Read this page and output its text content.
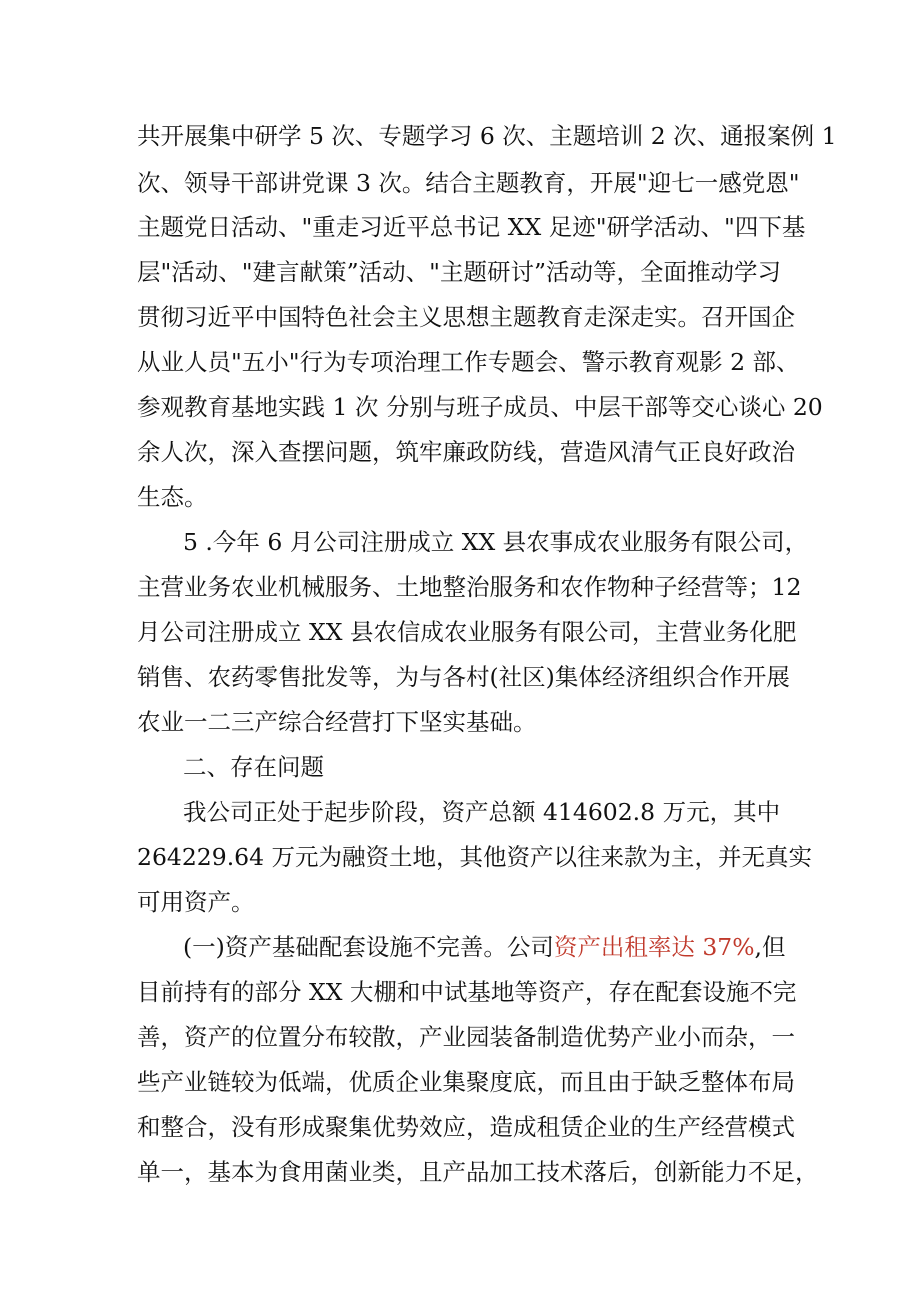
共开展集中研学 5 次、专题学习 6 次、主题培训 2 次、通报案例 1
次、领导干部讲党课 3 次。结合主题教育，开展"迎七一感党恩"
主题党日活动、"重走习近平总书记 XX 足迹"研学活动、"四下基
层"活动、"建言献策”活动、"主题研讨”活动等，全面推动学习
贯彻习近平中国特色社会主义思想主题教育走深走实。召开国企
从业人员"五小"行为专项治理工作专题会、警示教育观影 2 部、
参观教育基地实践 1 次 分别与班子成员、中层干部等交心谈心 20
余人次，深入查摆问题，筑牢廉政防线，营造风清气正良好政治
生态。
5 .今年 6 月公司注册成立 XX 县农事成农业服务有限公司，
主营业务农业机械服务、土地整治服务和农作物种子经营等；12
月公司注册成立 XX 县农信成农业服务有限公司，主营业务化肥
销售、农药零售批发等，为与各村(社区)集体经济组织合作开展
农业一二三产综合经营打下坚实基础。
二、存在问题
我公司正处于起步阶段，资产总额 414602.8 万元，其中
264229.64 万元为融资土地，其他资产以往来款为主，并无真实
可用资产。
(一)资产基础配套设施不完善。公司资产出租率达 37%,但
目前持有的部分 XX 大棚和中试基地等资产，存在配套设施不完
善，资产的位置分布较散，产业园装备制造优势产业小而杂，一
些产业链较为低端，优质企业集聚度底，而且由于缺乏整体布局
和整合，没有形成聚集优势效应，造成租赁企业的生产经营模式
单一，基本为食用菌业类，且产品加工技术落后，创新能力不足，
